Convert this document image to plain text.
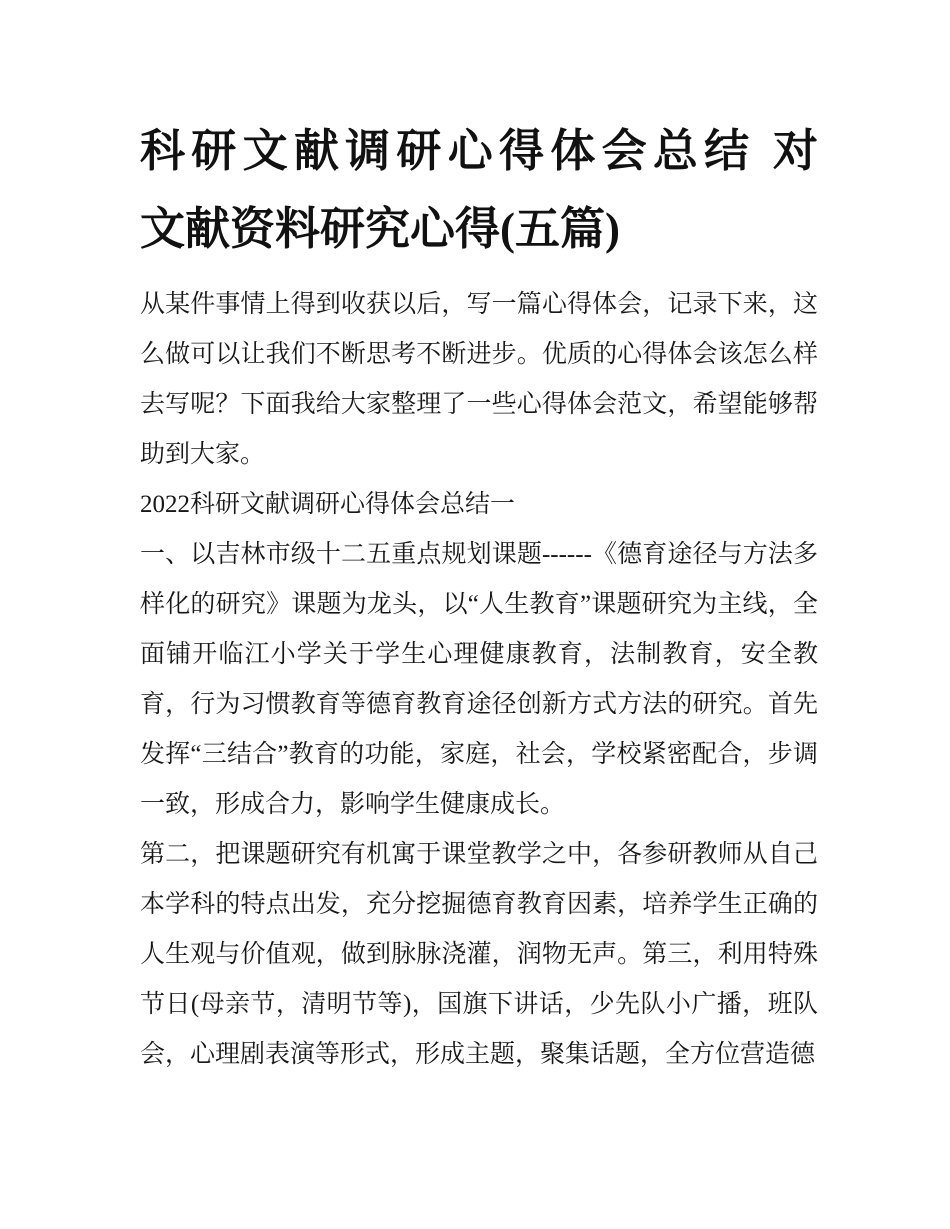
科研文献调研心得体会总结 对
文献资料研究心得(五篇)

从某件事情上得到收获以后，写一篇心得体会，记录下来，这么做可以让我们不断思考不断进步。优质的心得体会该怎么样去写呢？下面我给大家整理了一些心得体会范文，希望能够帮助到大家。

2022科研文献调研心得体会总结一

一、以吉林市级十二五重点规划课题------《德育途径与方法多样化的研究》课题为龙头，以“人生教育”课题研究为主线，全面铺开临江小学关于学生心理健康教育，法制教育，安全教育，行为习惯教育等德育教育途径创新方式方法的研究。首先发挥“三结合”教育的功能，家庭，社会，学校紧密配合，步调一致，形成合力，影响学生健康成长。

第二，把课题研究有机寓于课堂教学之中，各参研教师从自己本学科的特点出发，充分挖掘德育教育因素，培养学生正确的人生观与价值观，做到脉脉浇灌，润物无声。第三，利用特殊节日(母亲节，清明节等)，国旗下讲话，少先队小广播，班队会，心理剧表演等形式，形成主题，聚集话题，全方位营造德
